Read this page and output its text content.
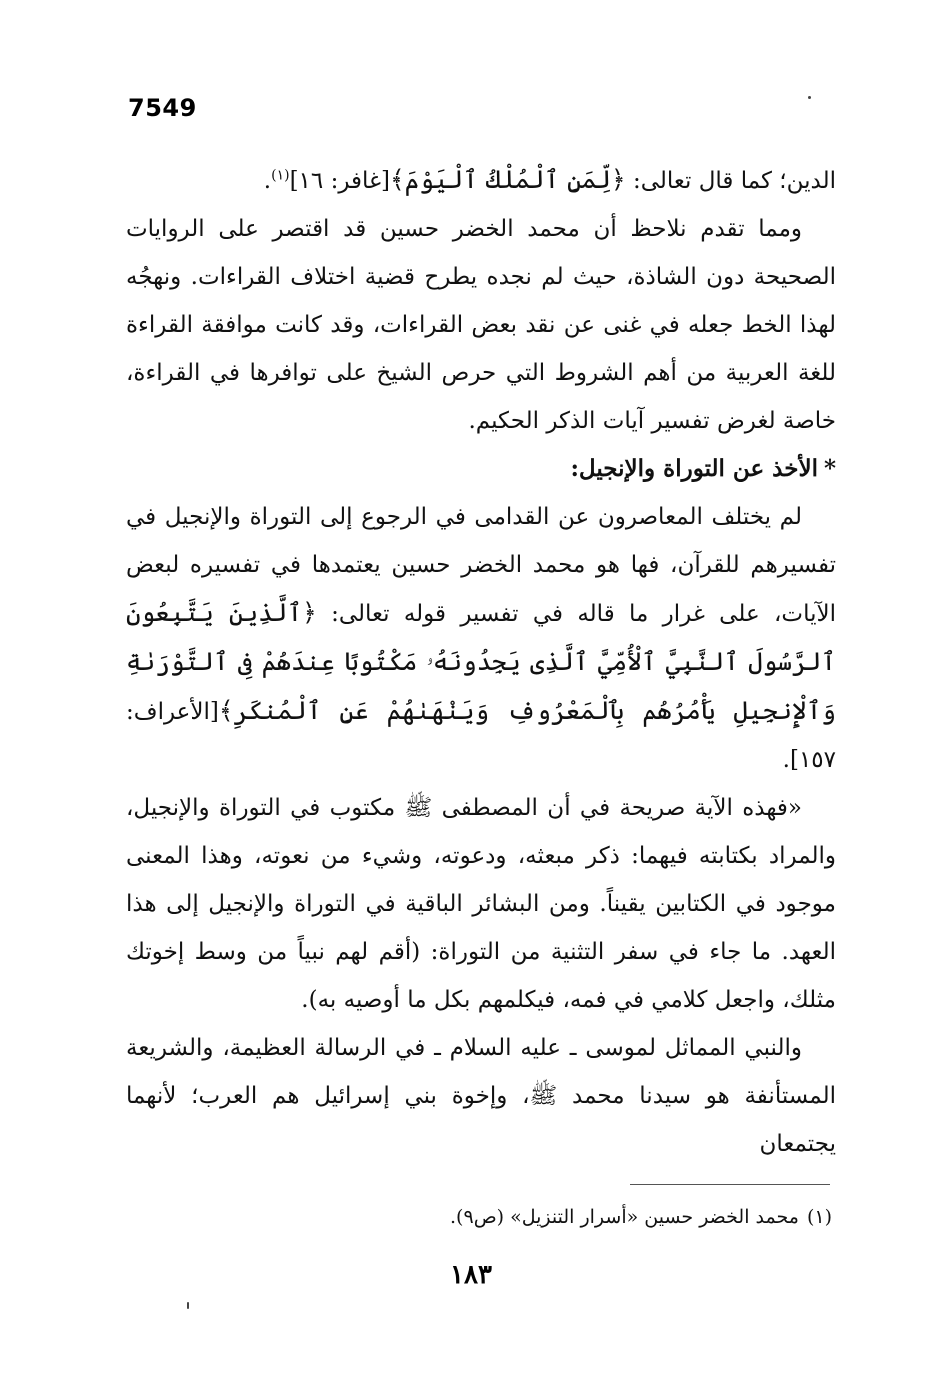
7549

الدين؛ كما قال تعالى: ﴿لِّمَنِ ٱلْمُلْكُ ٱلْيَوْمَ﴾[غافر: ١٦]$^{(١)}$.

ومما تقدم نلاحظ أن محمد الخضر حسين قد اقتصر على الروايات الصحيحة دون الشاذة، حيث لم نجده يطرح قضية اختلاف القراءات. ونهجُه لهذا الخط جعله في غنى عن نقد بعض القراءات، وقد كانت موافقة القراءة للغة العربية من أهم الشروط التي حرص الشيخ على توافرها في القراءة، خاصة لغرض تفسير آيات الذكر الحكيم.

*الأخذ عن التوراة والإنجيل:

لم يختلف المعاصرون عن القدامى في الرجوع إلى التوراة والإنجيل في تفسيرهم للقرآن، فها هو محمد الخضر حسين يعتمدها في تفسيره لبعض الآيات، على غرار ما قاله في تفسير قوله تعالى: ﴿ٱلَّذِينَ يَتَّبِعُونَ ٱلرَّسُولَ ٱلنَّبِيَّ ٱلْأُمِّيَّ ٱلَّذِى يَجِدُونَهُۥ مَكْتُوبًا عِندَهُمْ فِى ٱلتَّوْرَىٰةِ وَٱلْإِنجِيلِ يَأْمُرُهُم بِٱلْمَعْرُوفِ وَيَنْهَىٰهُمْ عَنِ ٱلْمُنكَرِ﴾[الأعراف: ١٥٧].

«فهذه الآية صريحة في أن المصطفى ﷺ مكتوب في التوراة والإنجيل، والمراد بكتابته فيهما: ذكر مبعثه، ودعوته، وشيء من نعوته، وهذا المعنى موجود في الكتابين يقيناً. ومن البشائر الباقية في التوراة والإنجيل إلى هذا العهد. ما جاء في سفر التثنية من التوراة: (أقم لهم نبياً من وسط إخوتك مثلك، واجعل كلامي في فمه، فيكلمهم بكل ما أوصيه به).

والنبي المماثل لموسى ـ عليه السلام ـ في الرسالة العظيمة، والشريعة المستأنفة هو سيدنا محمد ﷺ، وإخوة بني إسرائيل هم العرب؛ لأنهما يجتمعان

(١)محمد الخضر حسين «أسرار التنزيل» (ص٩).
١٨٣
